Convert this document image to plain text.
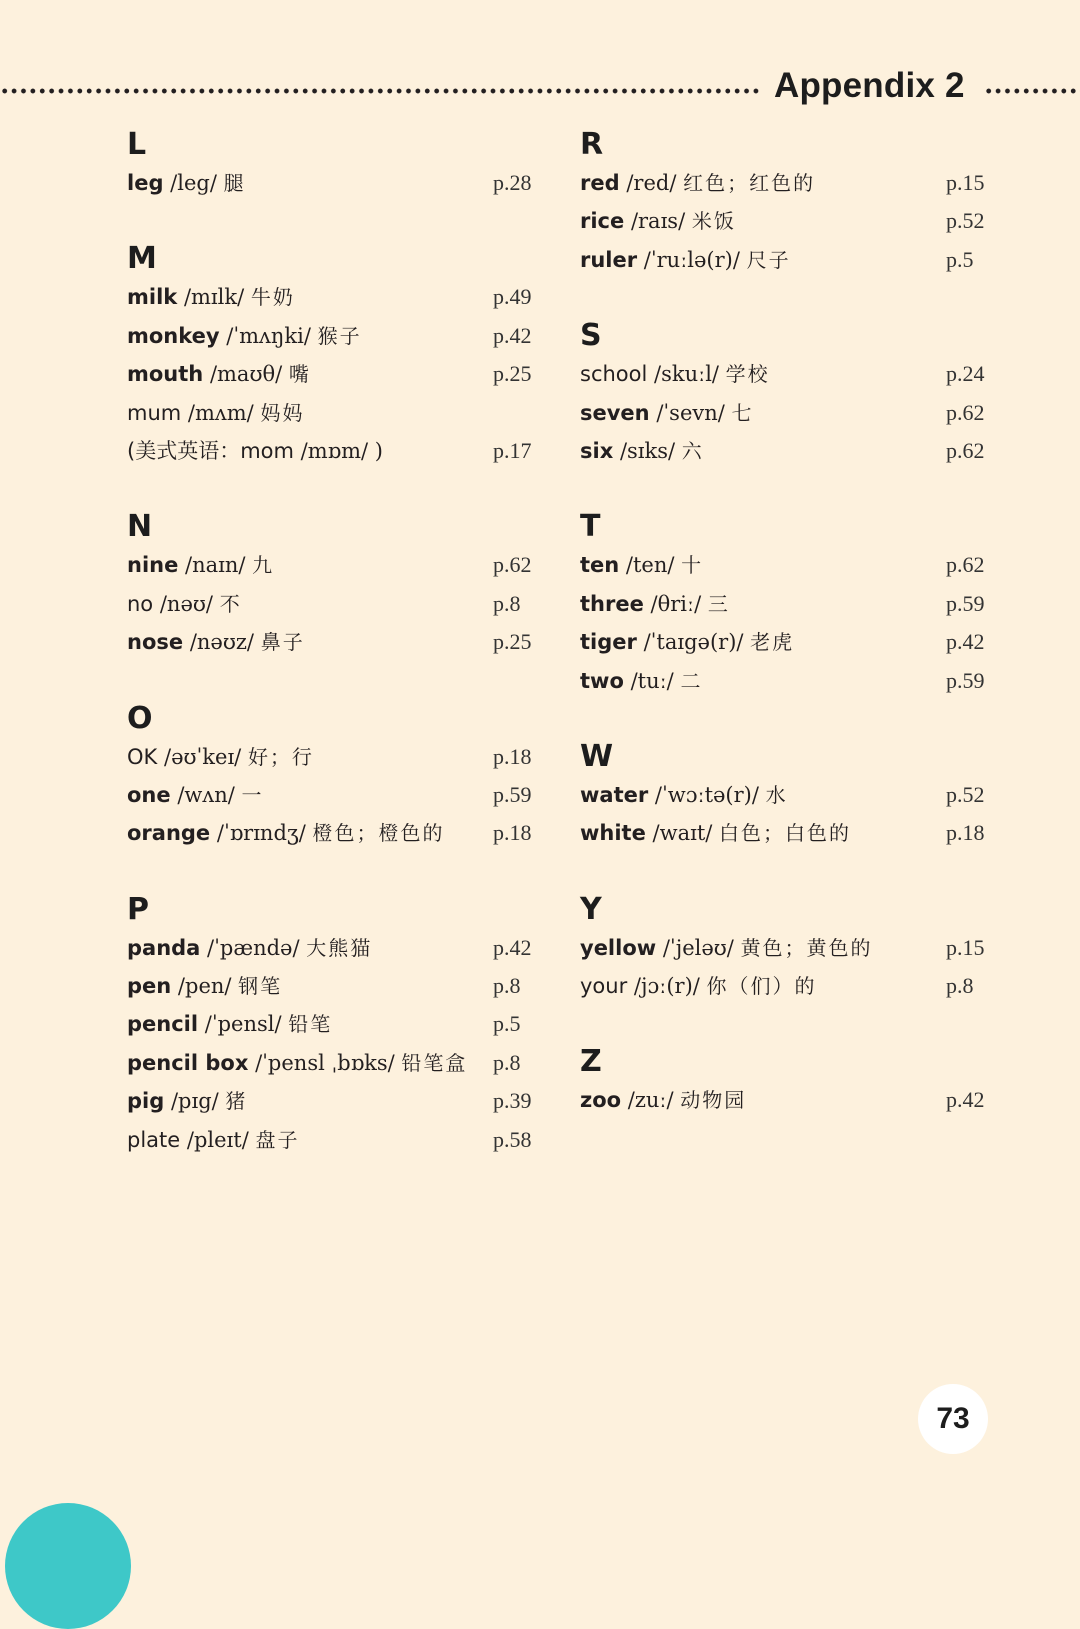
Appendix 2
L
leg /leg/ 腿	p.28
M
milk /mɪlk/ 牛奶	p.49
monkey /ˈmʌŋki/ 猴子	p.42
mouth /maʊθ/ 嘴	p.25
mum /mʌm/ 妈妈
(美式英语：mom /mɒm/ )	p.17
N
nine /naɪn/ 九	p.62
no /nəʊ/ 不	p.8
nose /nəʊz/ 鼻子	p.25
O
OK /əʊˈkeɪ/ 好；行	p.18
one /wʌn/ 一	p.59
orange /ˈɒrɪndʒ/ 橙色；橙色的 p.18
P
panda /ˈpændə/ 大熊猫	p.42
pen /pen/ 钢笔	p.8
pencil /ˈpensl/ 铅笔	p.5
pencil box /ˈpensl ˌbɒks/ 铅笔盒 p.8
pig /pɪg/ 猪	p.39
plate /pleɪt/ 盘子	p.58
R
red /red/ 红色；红色的	p.15
rice /raɪs/ 米饭	p.52
ruler /ˈruːlə(r)/ 尺子	p.5
S
school /skuːl/ 学校	p.24
seven /ˈsevn/ 七	p.62
six /sɪks/ 六	p.62
T
ten /ten/ 十	p.62
three /θriː/ 三	p.59
tiger /ˈtaɪgə(r)/ 老虎	p.42
two /tuː/ 二	p.59
W
water /ˈwɔːtə(r)/ 水	p.52
white /waɪt/ 白色；白色的	p.18
Y
yellow /ˈjeləʊ/ 黄色；黄色的	p.15
your /jɔː(r)/ 你（们）的	p.8
Z
zoo /zuː/ 动物园	p.42
73
